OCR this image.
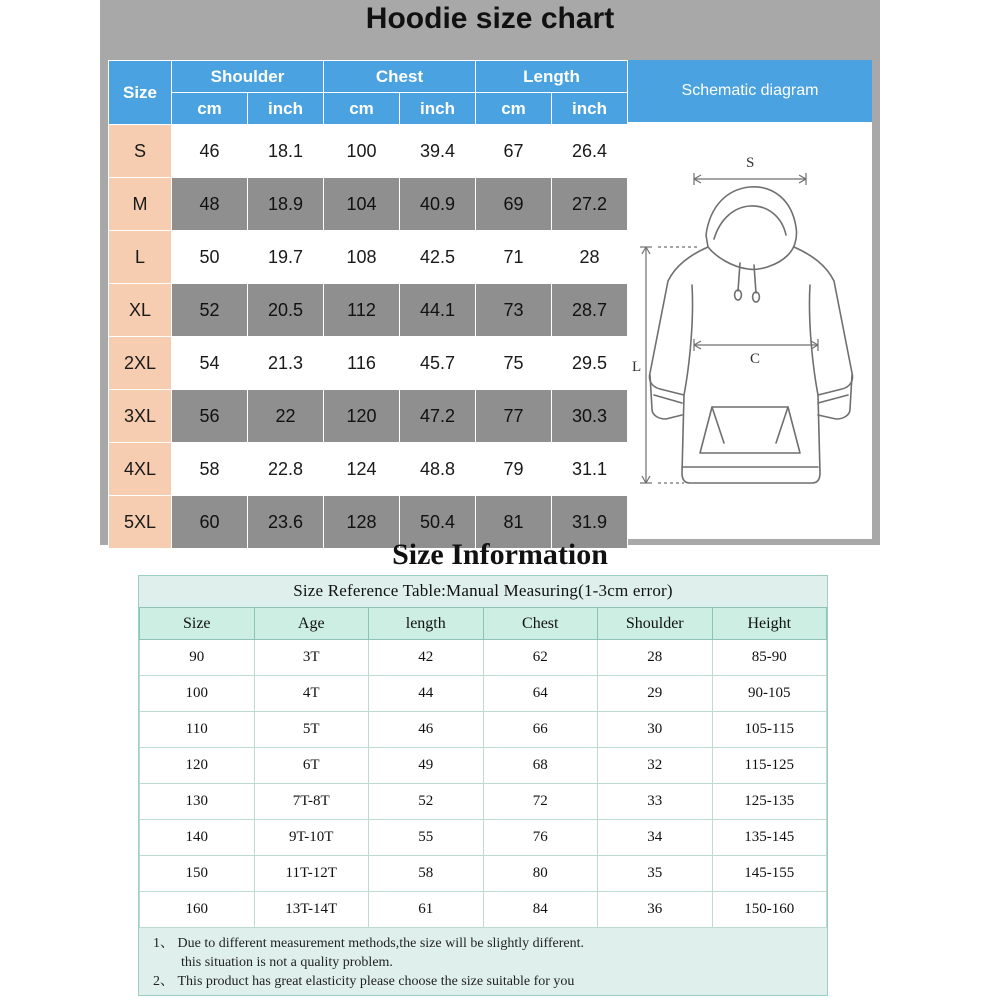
Hoodie size chart
Size	Shoulder		Chest		Length	
	cm	inch	cm	inch	cm	inch
S	46	18.1	100	39.4	67	26.4
M	48	18.9	104	40.9	69	27.2
L	50	19.7	108	42.5	71	28
XL	52	20.5	112	44.1	73	28.7
2XL	54	21.3	116	45.7	75	29.5
3XL	56	22	120	47.2	77	30.3
4XL	58	22.8	124	48.8	79	31.1
5XL	60	23.6	128	50.4	81	31.9
Schematic diagram
S
C
L
Size Information
Size Reference Table:Manual Measuring(1-3cm error)
Size	Age	length	Chest	Shoulder	Height
90	3T	42	62	28	85-90
100	4T	44	64	29	90-105
110	5T	46	66	30	105-115
120	6T	49	68	32	115-125
130	7T-8T	52	72	33	125-135
140	9T-10T	55	76	34	135-145
150	11T-12T	58	80	35	145-155
160	13T-14T	61	84	36	150-160
1、 Due to different measurement methods,the size will be slightly different.
this situation is not a quality problem.
2、 This product has great elasticity please choose the size suitable for you
